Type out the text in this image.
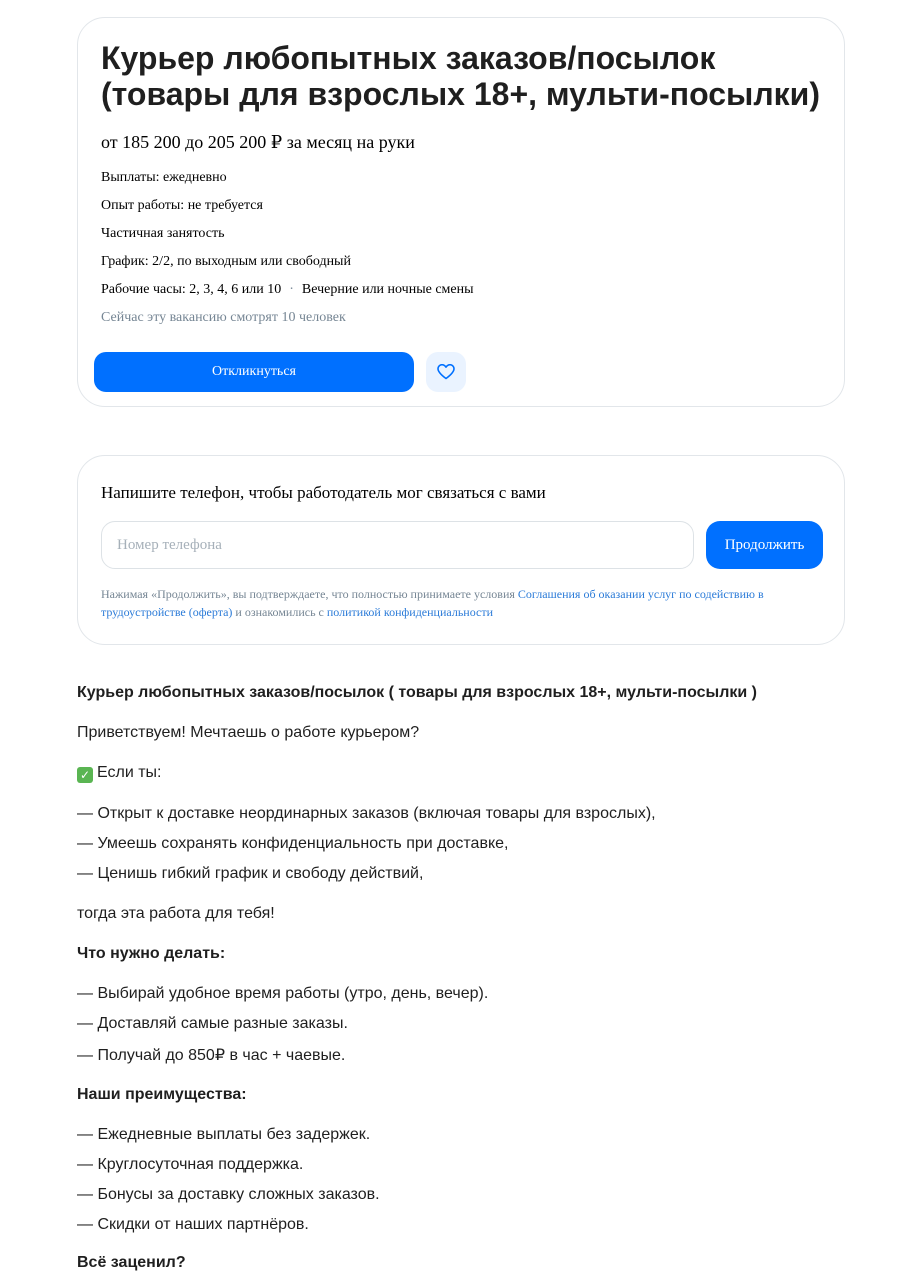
Курьер любопытных заказов/посылок (товары для взрослых 18+, мульти-посылки)
от 185 200 до 205 200 ₽ за месяц на руки
Выплаты: ежедневно
Опыт работы: не требуется
Частичная занятость
График: 2/2, по выходным или свободный
Рабочие часы: 2, 3, 4, 6 или 10 · Вечерние или ночные смены
Сейчас эту вакансию смотрят 10 человек
Откликнуться
Напишите телефон, чтобы работодатель мог связаться с вами
Номер телефона
Продолжить
Нажимая «Продолжить», вы подтверждаете, что полностью принимаете условия Соглашения об оказании услуг по содействию в трудоустройстве (оферта) и ознакомились с политикой конфиденциальности
Курьер любопытных заказов/посылок ( товары для взрослых 18+, мульти-посылки )
Приветствуем! Мечтаешь о работе курьером?
✓ Если ты:
— Открыт к доставке неординарных заказов (включая товары для взрослых),
— Умеешь сохранять конфиденциальность при доставке,
— Ценишь гибкий график и свободу действий,
тогда эта работа для тебя!
Что нужно делать:
— Выбирай удобное время работы (утро, день, вечер).
— Доставляй самые разные заказы.
— Получай до 850₽ в час + чаевые.
Наши преимущества:
— Ежедневные выплаты без задержек.
— Круглосуточная поддержка.
— Бонусы за доставку сложных заказов.
— Скидки от наших партнёров.
Всё заценил?
